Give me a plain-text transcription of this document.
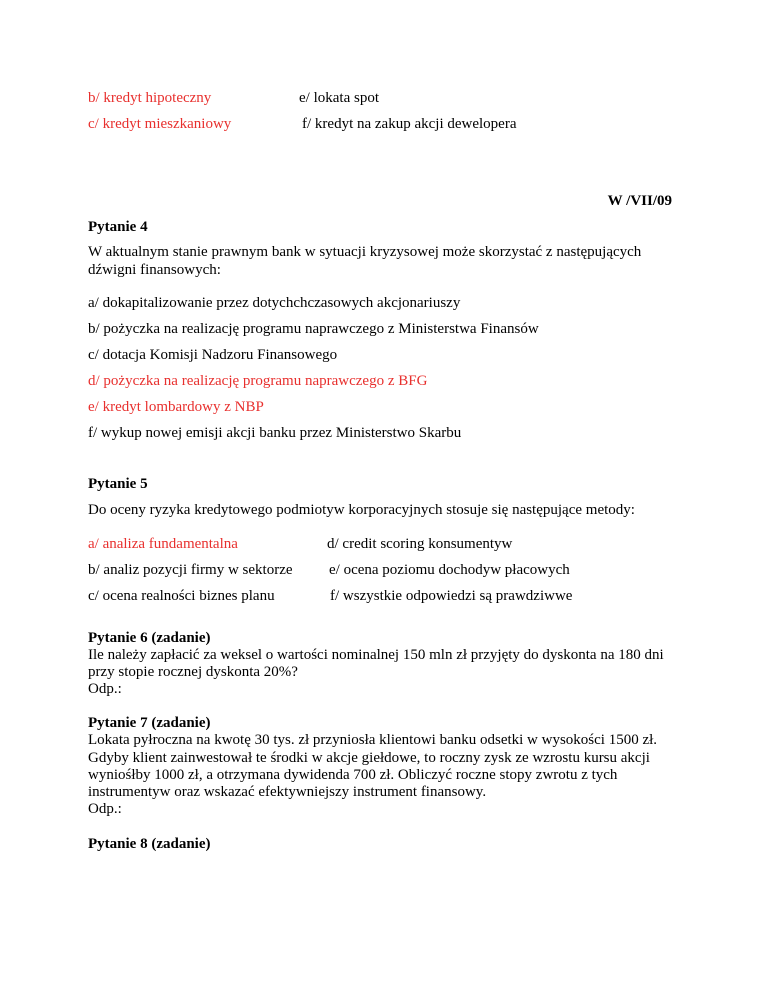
b/ kredyt hipoteczny	e/ lokata spot
c/ kredyt mieszkaniowy	f/ kredyt na zakup akcji dewelopera
W /VII/09
Pytanie 4
W aktualnym stanie prawnym bank w sytuacji kryzysowej może skorzystać z następujących
dźwigni finansowych:
a/ dokapitalizowanie przez dotychchczasowych akcjonariuszy
b/ pożyczka na realizację programu naprawczego z Ministerstwa Finansów
c/ dotacja Komisji Nadzoru Finansowego
d/ pożyczka na realizację programu naprawczego z BFG
e/ kredyt lombardowy z NBP
f/ wykup nowej emisji akcji banku przez Ministerstwo Skarbu
Pytanie 5
Do oceny ryzyka kredytowego podmiotyw korporacyjnych stosuje się następujące metody:
a/ analiza fundamentalna	d/ credit scoring konsumentyw
b/ analiz pozycji firmy w sektorze e/ ocena poziomu dochodyw płacowych
c/ ocena realności biznes planu	f/ wszystkie odpowiedzi są prawdziwwe
Pytanie 6 (zadanie)
Ile należy zapłacić za weksel o wartości nominalnej 150 mln zł przyjęty do dyskonta na 180 dni
przy stopie rocznej dyskonta 20%?
Odp.:
Pytanie 7 (zadanie)
Lokata pyłroczna na kwotę 30 tys. zł przyniosła klientowi banku odsetki w wysokości 1500 zł.
Gdyby klient zainwestował te środki w akcje giełdowe, to roczny zysk ze wzrostu kursu akcji
wyniośłby 1000 zł, a otrzymana dywidenda 700 zł. Obliczyć roczne stopy zwrotu z tych
instrumentyw oraz wskazać efektywniejszy instrument finansowy.
Odp.:
Pytanie 8 (zadanie)
